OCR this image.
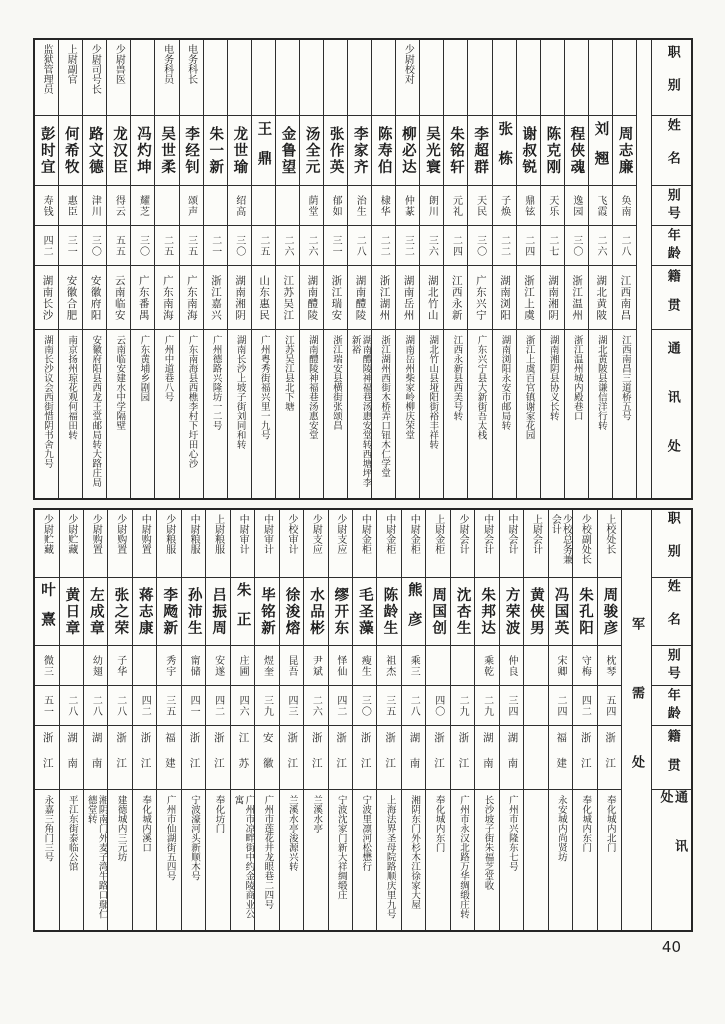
职别
姓名
别号
年龄
籍贯
通讯处
周志廉
奂南
二八
江西南昌
江西南昌三道桥五号
刘翘
飞霞
二六
湖北黄陂
湖北黄陂县谦信洋行转
程侠魂
逸园
三〇
浙江温州
浙江温州城内殿巷口
陈克刚
天乐
二七
湖南湘阴
湖南湘阴县协义长转
谢叔锐
鼎铉
二四
浙江上虞
浙江上虞百官镇谢家花园
张栋
子焕
二二
湖南浏阳
湖南浏阳永安市邮局转
李超群
天民
三〇
广东兴宁
广东兴宁县大新街吾太栈
朱铭轩
元礼
二四
江西永新
江西永新县西美号转
吴光寰
朗川
三六
湖北竹山
湖北竹山县垭阳街裕丰祥转
少尉校对
柳必达
仲蒃
三二
湖南岳州
湖南岳州柴家岭柳庆荣堂
陈寿伯
棣华
二二
浙江湖州
浙江湖州西街木桥弄口钮木仁学堂
李家齐
治生
二八
湖南醴陵
湖南醴陵神福巷汤惠安堂转西塘坪李新裕
张作英
郁如
三一
浙江瑞安
浙江瑞安县横街张颂昌
汤全元
荫堂
二六
湖南醴陵
湖南醴陵神福巷汤惠安堂
金鲁望
二六
江苏吴江
江苏吴江县北下塘
王鼎
二五
山东惠民
广州粤秀街福兴里一九号
龙世瑜
绍高
三〇
湖南湘阴
湖南长沙上坡子街刘同和转
朱一新
二一
浙江嘉兴
广州德路兴隆坊一二号
电务科长
李经钊
颂声
三五
广东南海
广东南海县西樵李村下圩田心沙
电务科员
吴世柔
二五
广东南海
广州中道巷八号
冯灼坤
耀芝
三〇
广东番禺
广东黄埔乡剧园
少尉兽医
龙汉臣
得云
五五
云南临安
云南临安建水中学隔壁
少尉司号长
路文德
津川
三〇
安徽府阳
安徽府阳县西龙王堂邮局转大路庄局
上尉副官
何希牧
惠臣
三一
安徽合肥
南京扬州琼花观何福田转
监狱管理员
彭时宜
寿钱
四二
湖南长沙
湖南长沙议会西街惜阴书舍九号
职别
姓名
别号
年龄
籍贯
通讯处
军需处
上校处长
周骏彦
枕琴
五四
浙江
奉化城内北门
少校副处长
朱孔阳
守梅
四二
浙江
奉化城内东门
少校总务兼会计
冯国英
宋卿
二四
福建
永安城内尚贤坊
上尉会计
黄侠男
中尉会计
方荣波
仲良
三四
湖南
广州市兴隆东七号
中尉会计
朱邦达
乘乾
二九
湖南
长沙坡子街朱福芝堂收
少尉会计
沈杏生
二九
浙江
广州市永汉北路万华绸缎庄转
上尉金柜
周国创
四〇
浙江
奉化城内东门
中尉金柜
熊彦
乘三
二八
湖南
湘阴东门外杉木江徐家大屋
中尉金柜
陈龄生
祖杰
三五
浙江
上海法界圣母院路顺庆里九号
中尉金柜
毛圣藻
瘦生
三〇
浙江
宁波里凛河松懋行
少尉支应
缪开东
怿仙
四二
浙江
宁波沈家门新大祥绸缎庄
少尉支应
水品彬
尹斌
二六
浙江
兰溪水亭
少校审计
徐浚熔
昆吾
四三
浙江
兰溪水亭浚源兴转
中尉审计
毕铭新
煜奎
三九
安徽
广州市莲花井龙眼巷二四号
中尉审计
朱正
庄圃
四六
江苏
广州市凉畔街中约金陵商业公寓
上尉粮服
吕振周
安遂
四二
浙江
奉化坊门
中尉粮服
孙沛生
甯储
四一
浙江
宁波濠河头新顺木号
少尉粮服
李飏新
秀宇
三五
福建
广州市仙湖街五四号
中尉购置
蒋志康
四二
浙江
奉化城内溪口
少尉购置
张之荣
子华
二八
浙江
建德城内三元坊
少尉购置
左成章
幼翅
二八
湖南
湘阴南门外麦子湾牛路口鄢仁德堂转
少尉贮藏
黄日章
二八
湖南
平江东街泰临公馆
少尉贮藏
叶熹
微三
五一
浙江
永嘉三角门三号
40
